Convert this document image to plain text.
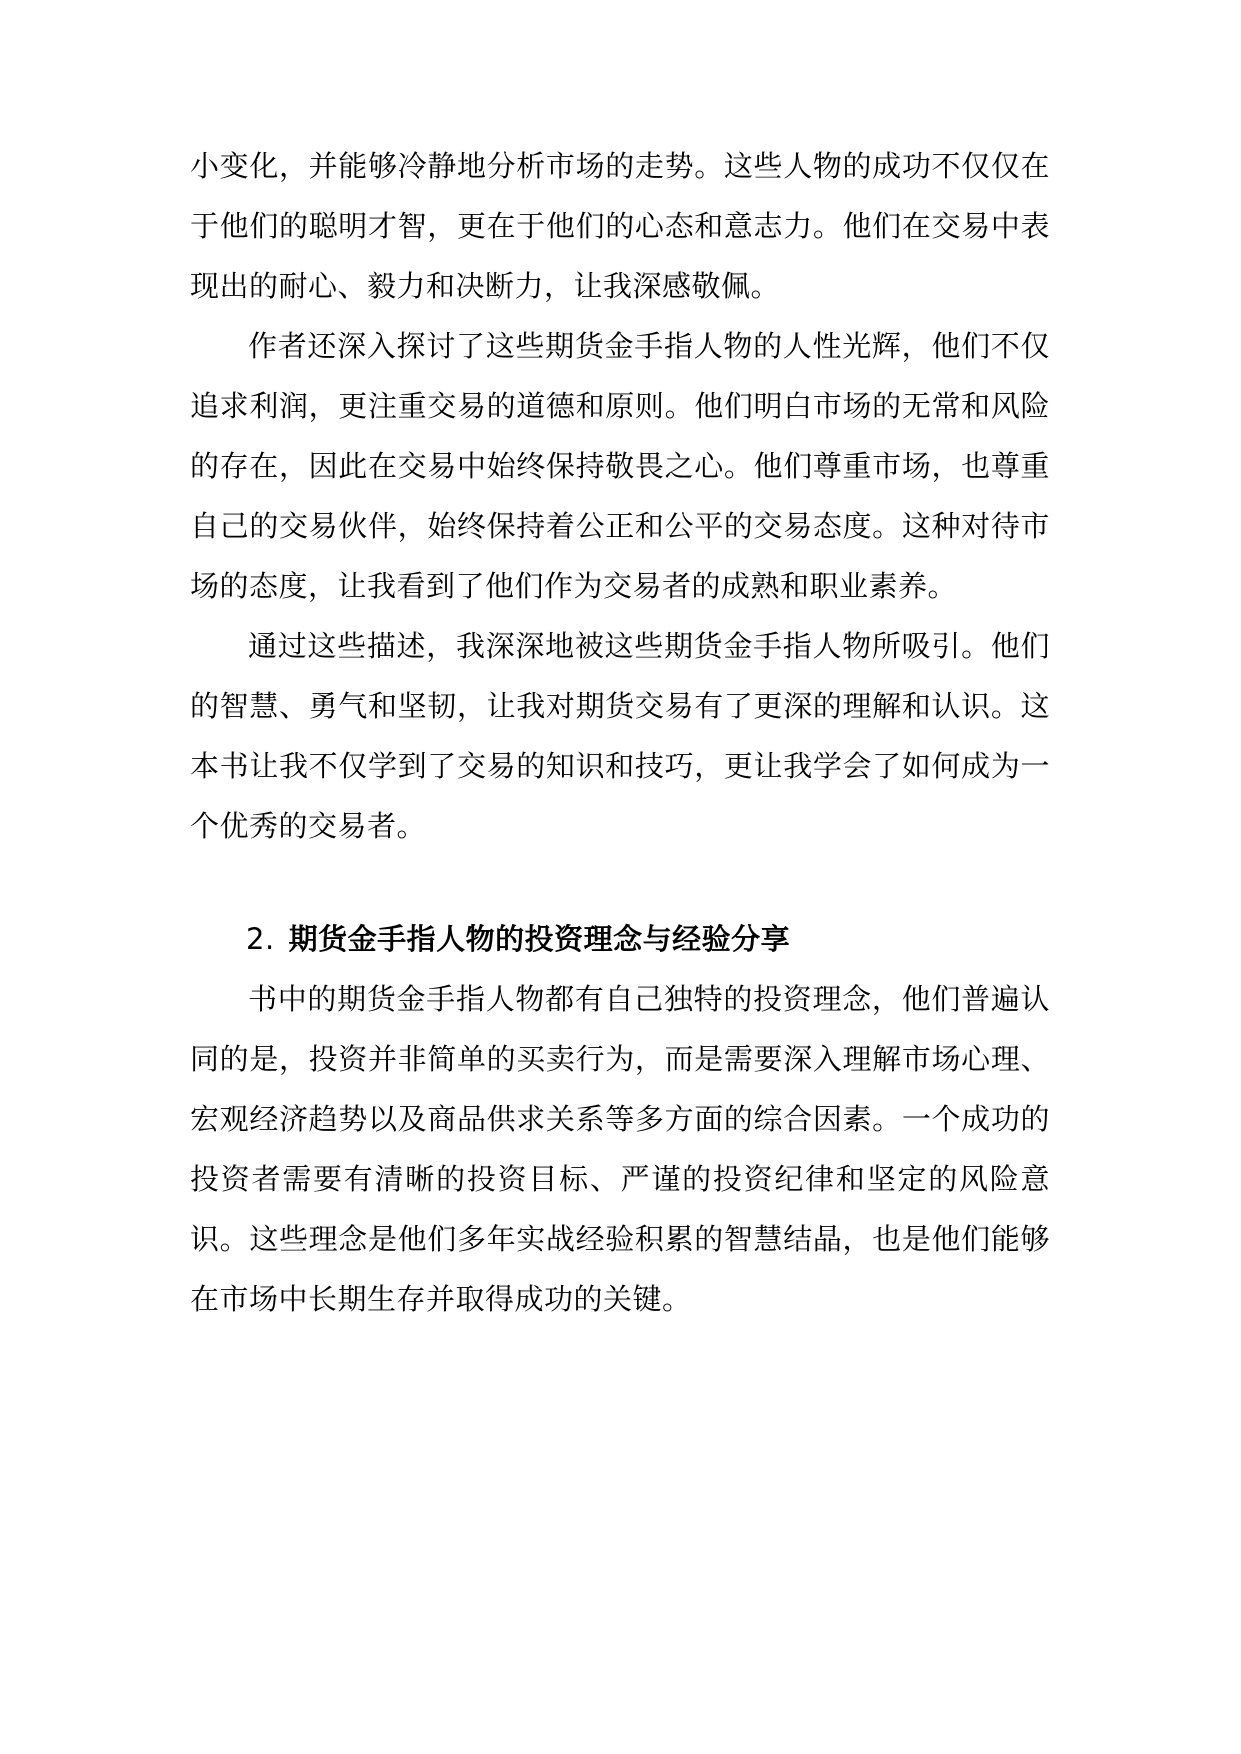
小变化，并能够冷静地分析市场的走势。这些人物的成功不仅仅在于他们的聪明才智，更在于他们的心态和意志力。他们在交易中表现出的耐心、毅力和决断力，让我深感敬佩。

作者还深入探讨了这些期货金手指人物的人性光辉，他们不仅追求利润，更注重交易的道德和原则。他们明白市场的无常和风险的存在，因此在交易中始终保持敬畏之心。他们尊重市场，也尊重自己的交易伙伴，始终保持着公正和公平的交易态度。这种对待市场的态度，让我看到了他们作为交易者的成熟和职业素养。

通过这些描述，我深深地被这些期货金手指人物所吸引。他们的智慧、勇气和坚韧，让我对期货交易有了更深的理解和认识。这本书让我不仅学到了交易的知识和技巧，更让我学会了如何成为一个优秀的交易者。

2. 期货金手指人物的投资理念与经验分享

书中的期货金手指人物都有自己独特的投资理念，他们普遍认同的是，投资并非简单的买卖行为，而是需要深入理解市场心理、宏观经济趋势以及商品供求关系等多方面的综合因素。一个成功的投资者需要有清晰的投资目标、严谨的投资纪律和坚定的风险意识。这些理念是他们多年实战经验积累的智慧结晶，也是他们能够在市场中长期生存并取得成功的关键。
